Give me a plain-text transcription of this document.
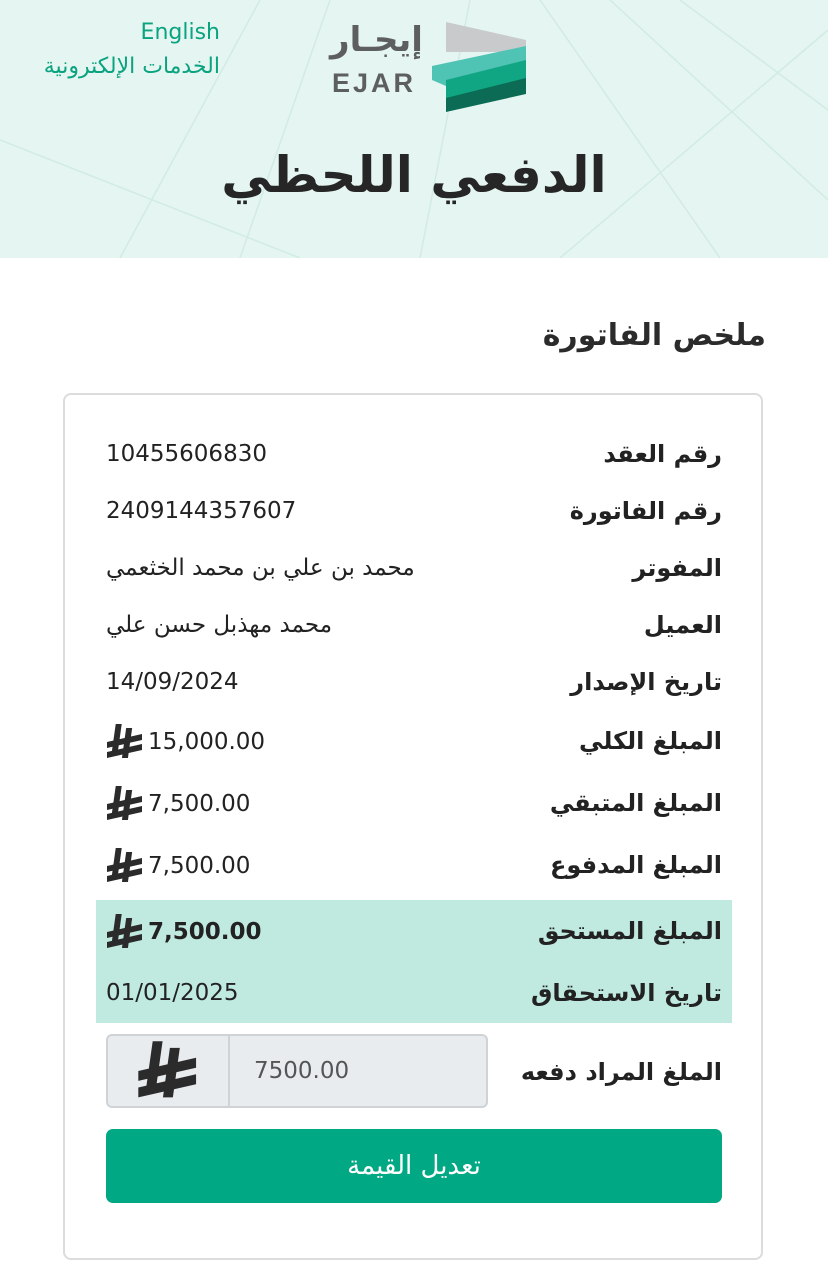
English
الخدمات الإلكترونية
إيجـار
EJAR
الدفعي اللحظي
ملخص الفاتورة
رقم العقد
10455606830
رقم الفاتورة
2409144357607
المفوتر
محمد بن علي بن محمد الخثعمي
العميل
محمد مهذبل حسن علي
تاريخ الإصدار
14/09/2024
المبلغ الكلي
15,000.00
المبلغ المتبقي
7,500.00
المبلغ المدفوع
7,500.00
المبلغ المستحق
7,500.00
تاريخ الاستحقاق
01/01/2025
الملغ المراد دفعه
7500.00
تعديل القيمة
